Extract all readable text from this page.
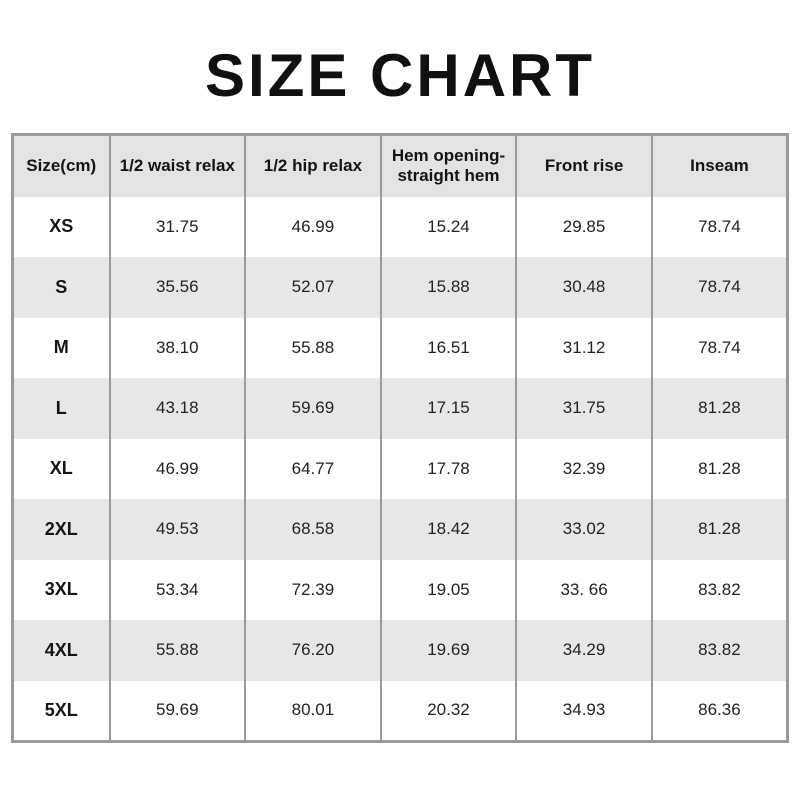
SIZE CHART
Size(cm)	1/2 waist relax	1/2 hip relax	Hem opening-straight hem	Front rise	Inseam
XS	31.75	46.99	15.24	29.85	78.74
S	35.56	52.07	15.88	30.48	78.74
M	38.10	55.88	16.51	31.12	78.74
L	43.18	59.69	17.15	31.75	81.28
XL	46.99	64.77	17.78	32.39	81.28
2XL	49.53	68.58	18.42	33.02	81.28
3XL	53.34	72.39	19.05	33. 66	83.82
4XL	55.88	76.20	19.69	34.29	83.82
5XL	59.69	80.01	20.32	34.93	86.36
